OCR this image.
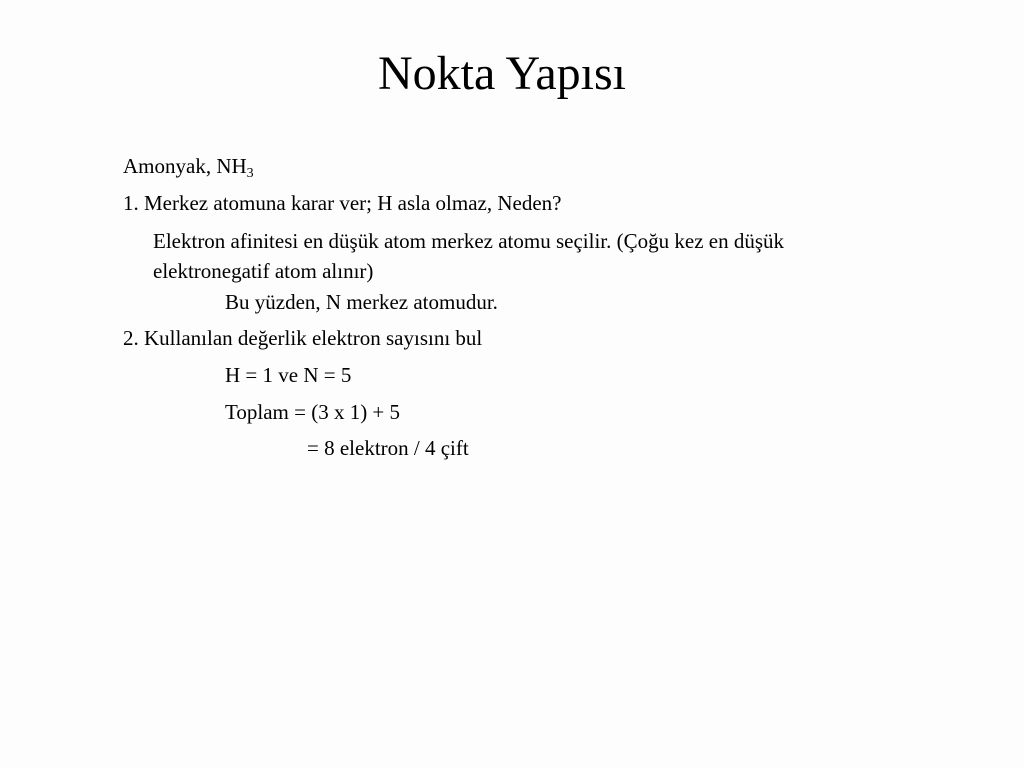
Nokta Yapısı
Amonyak, $NH_3$
1. Merkez atomuna karar ver; H asla olmaz, Neden?
Elektron afinitesi en düşük atom merkez atomu seçilir. (Çoğu kez en düşük
elektronegatif atom alınır)
Bu yüzden, N merkez atomudur.
2. Kullanılan değerlik elektron sayısını bul
H = 1 ve N = 5
Toplam = (3 x 1) + 5
= 8 elektron / 4 çift
